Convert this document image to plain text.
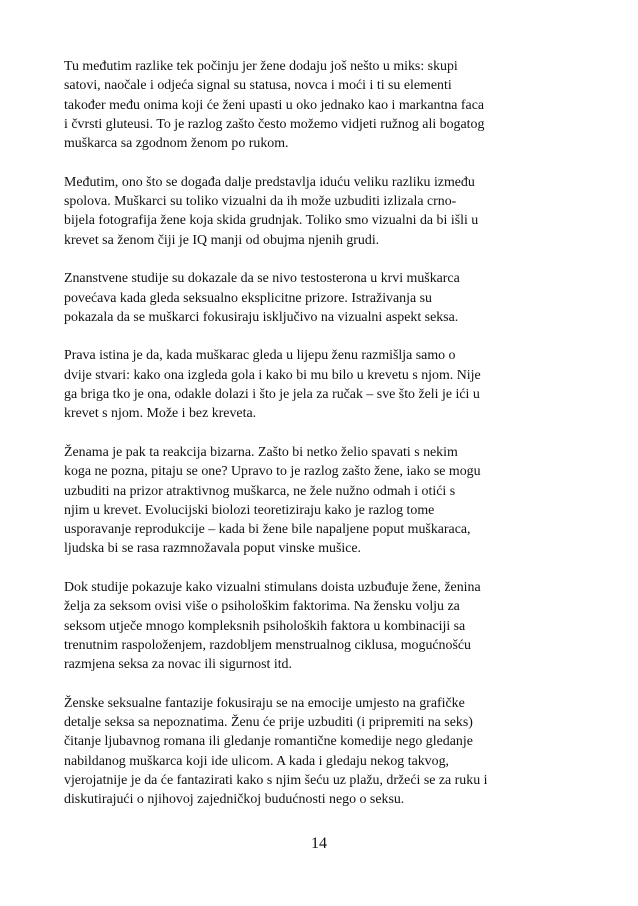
Tu međutim razlike tek počinju jer žene dodaju još nešto u miks: skupi
satovi, naočale i odjeća signal su statusa, novca i moći i ti su elementi
također među onima koji će ženi upasti u oko jednako kao i markantna faca
i čvrsti gluteusi. To je razlog zašto često možemo vidjeti ružnog ali bogatog
muškarca sa zgodnom ženom po rukom.

Međutim, ono što se događa dalje predstavlja iduću veliku razliku između
spolova. Muškarci su toliko vizualni da ih može uzbuditi izlizala crno-
bijela fotografija žene koja skida grudnjak. Toliko smo vizualni da bi išli u
krevet sa ženom čiji je IQ manji od obujma njenih grudi.

Znanstvene studije su dokazale da se nivo testosterona u krvi muškarca
povećava kada gleda seksualno eksplicitne prizore. Istraživanja su
pokazala da se muškarci fokusiraju isključivo na vizualni aspekt seksa.

Prava istina je da, kada muškarac gleda u lijepu ženu razmišlja samo o
dvije stvari: kako ona izgleda gola i kako bi mu bilo u krevetu s njom. Nije
ga briga tko je ona, odakle dolazi i što je jela za ručak – sve što želi je ići u
krevet s njom. Može i bez kreveta.

Ženama je pak ta reakcija bizarna. Zašto bi netko želio spavati s nekim
koga ne pozna, pitaju se one? Upravo to je razlog zašto žene, iako se mogu
uzbuditi na prizor atraktivnog muškarca, ne žele nužno odmah i otići s
njim u krevet. Evolucijski biolozi teoretiziraju kako je razlog tome
usporavanje reprodukcije – kada bi žene bile napaljene poput muškaraca,
ljudska bi se rasa razmnožavala poput vinske mušice.

Dok studije pokazuje kako vizualni stimulans doista uzbuđuje žene, ženina
želja za seksom ovisi više o psihološkim faktorima. Na žensku volju za
seksom utječe mnogo kompleksnih psiholoških faktora u kombinaciji sa
trenutnim raspoloženjem, razdobljem menstrualnog ciklusa, mogućnošću
razmjena seksa za novac ili sigurnost itd.

Ženske seksualne fantazije fokusiraju se na emocije umjesto na grafičke
detalje seksa sa nepoznatima. Ženu će prije uzbuditi (i pripremiti na seks)
čitanje ljubavnog romana ili gledanje romantične komedije nego gledanje
nabildanog muškarca koji ide ulicom. A kada i gledaju nekog takvog,
vjerojatnije je da će fantazirati kako s njim šeću uz plažu, držeći se za ruku i
diskutirajući o njihovoj zajedničkoj budućnosti nego o seksu.

14
